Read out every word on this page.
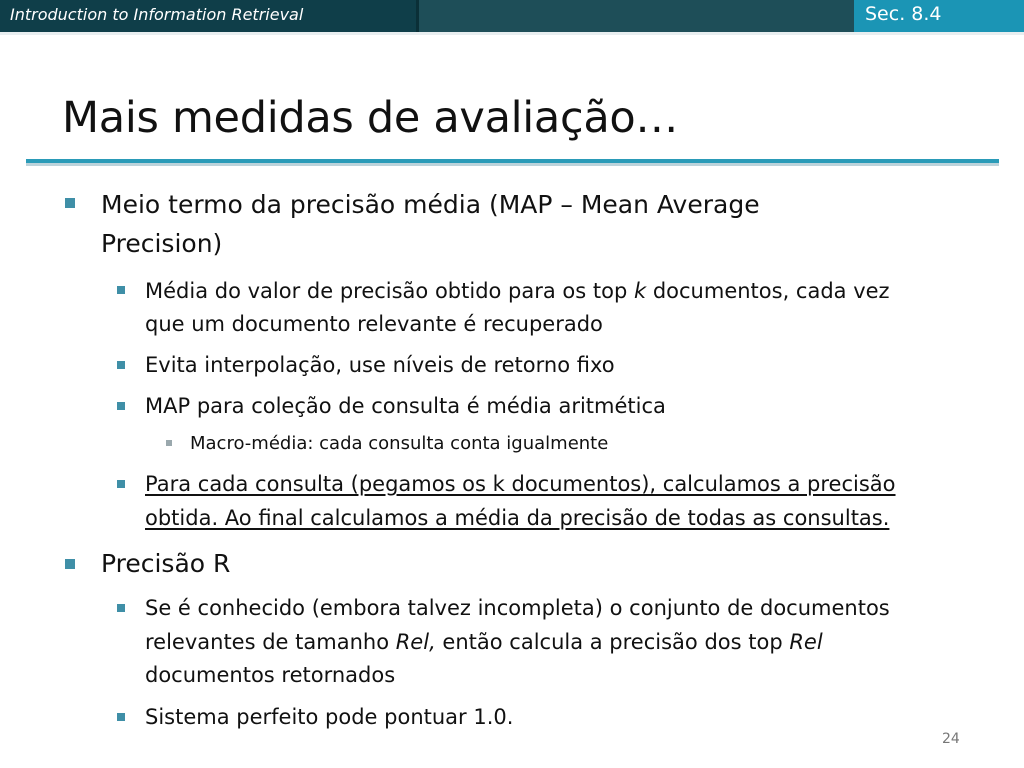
Introduction to Information Retrieval	Sec. 8.4
Mais medidas de avaliação…
Meio termo da precisão média (MAP – Mean Average
Precision)
Média do valor de precisão obtido para os top k documentos, cada vez
que um documento relevante é recuperado
Evita interpolação, use níveis de retorno fixo
MAP para coleção de consulta é média aritmética
Macro-média: cada consulta conta igualmente
Para cada consulta (pegamos os k documentos), calculamos a precisão
obtida. Ao final calculamos a média da precisão de todas as consultas.
Precisão R
Se é conhecido (embora talvez incompleta) o conjunto de documentos
relevantes de tamanho Rel, então calcula a precisão dos top Rel
documentos retornados
Sistema perfeito pode pontuar 1.0.
24
